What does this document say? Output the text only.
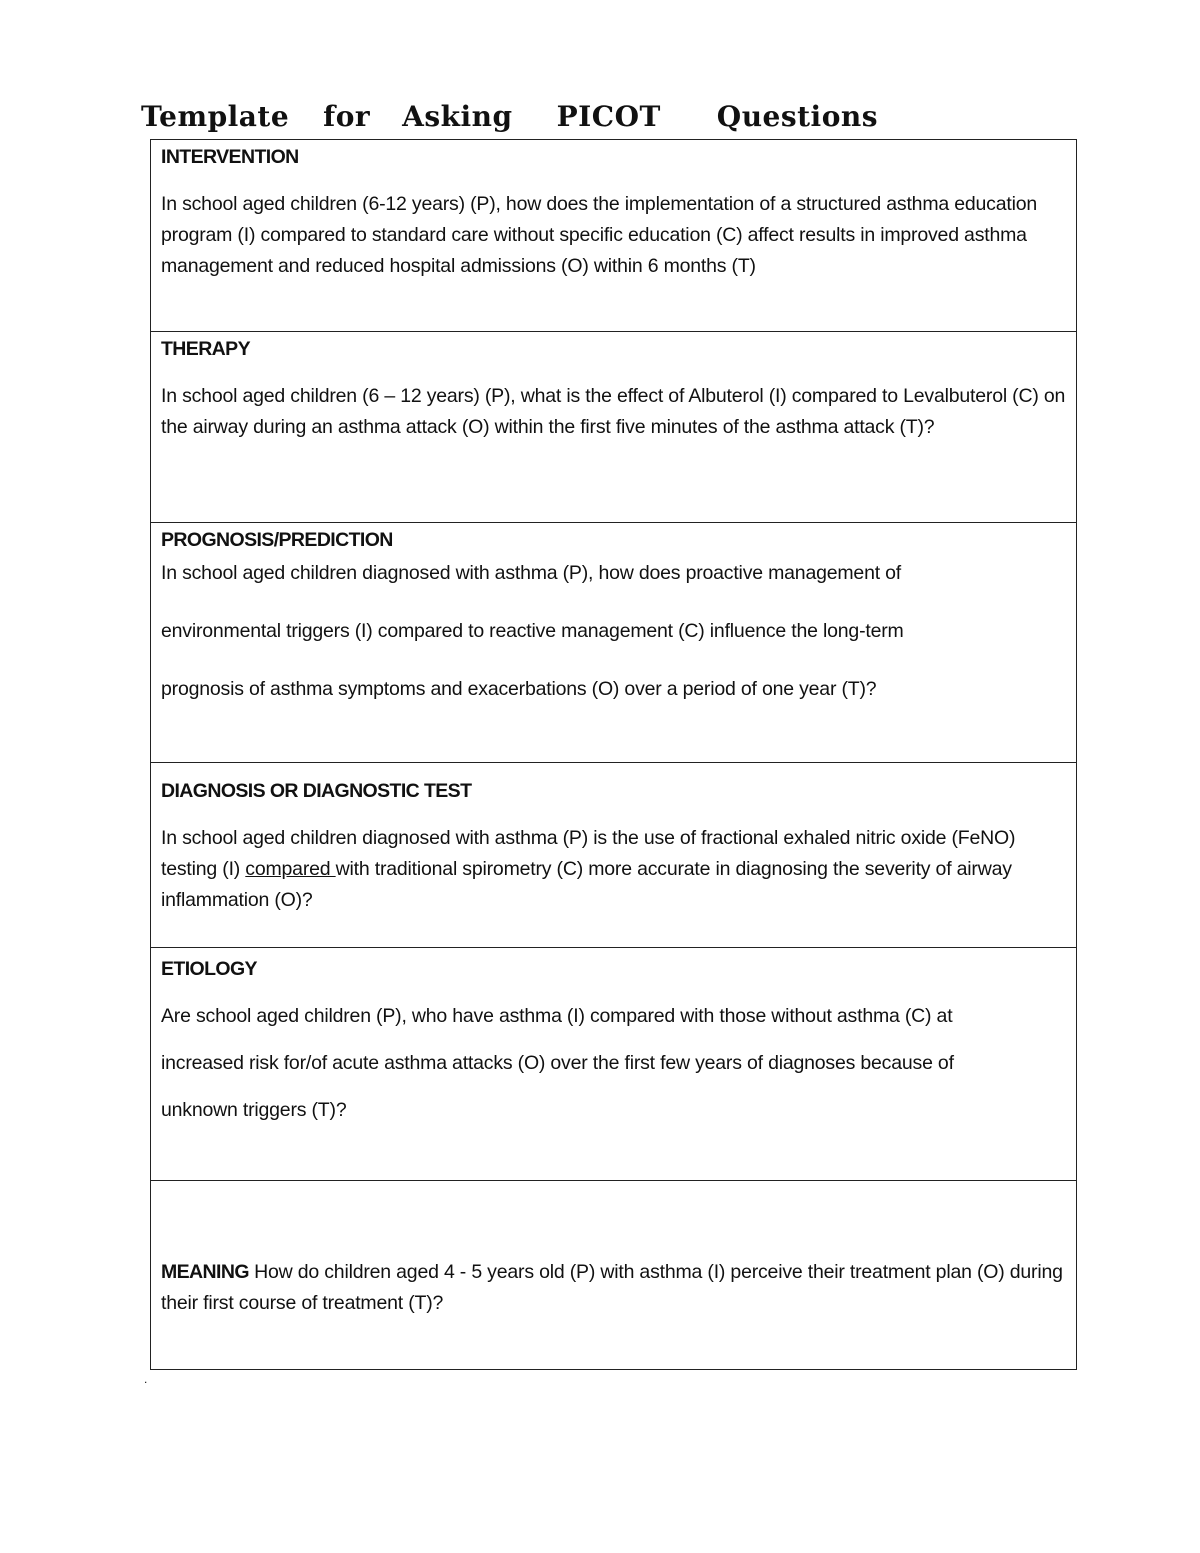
Template for Asking PICOT Questions

INTERVENTION

In school aged children (6-12 years) (P), how does the implementation of a structured asthma education program (I) compared to standard care without specific education (C) affect results in improved asthma management and reduced hospital admissions (O) within 6 months (T)

THERAPY

In school aged children (6 – 12 years) (P), what is the effect of Albuterol (I) compared to Levalbuterol (C) on the airway during an asthma attack (O) within the first five minutes of the asthma attack (T)?

PROGNOSIS/PREDICTION

In school aged children diagnosed with asthma (P), how does proactive management of

environmental triggers (I) compared to reactive management (C) influence the long-term

prognosis of asthma symptoms and exacerbations (O) over a period of one year (T)?

DIAGNOSIS OR DIAGNOSTIC TEST

In school aged children diagnosed with asthma (P) is the use of fractional exhaled nitric oxide (FeNO) testing (I) compared with traditional spirometry (C) more accurate in diagnosing the severity of airway inflammation (O)?

ETIOLOGY

Are school aged children (P), who have asthma (I) compared with those without asthma (C) at

increased risk for/of acute asthma attacks (O) over the first few years of diagnoses because of

unknown triggers (T)?

MEANING How do children aged 4 - 5 years old (P) with asthma (I) perceive their treatment plan (O) during their first course of treatment (T)?

.
